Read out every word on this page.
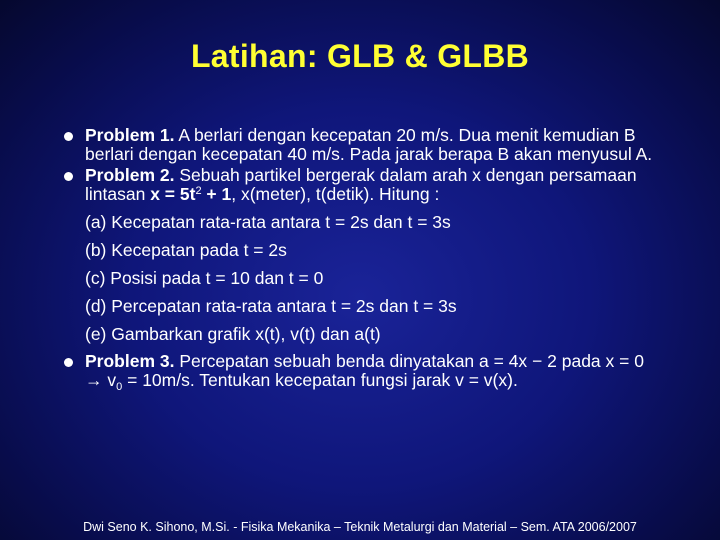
Latihan: GLB & GLBB
Problem 1. A berlari dengan kecepatan 20 m/s. Dua menit kemudian B berlari dengan kecepatan 40 m/s. Pada jarak berapa B akan menyusul A.
Problem 2. Sebuah partikel bergerak dalam arah x dengan persamaan lintasan $x = 5t^2 + 1$, x(meter), t(detik). Hitung :
(a) Kecepatan rata-rata antara t = 2s dan t = 3s
(b) Kecepatan pada t = 2s
(c) Posisi pada t = 10 dan t = 0
(d) Percepatan rata-rata antara t = 2s dan t = 3s
(e) Gambarkan grafik x(t), v(t) dan a(t)
Problem 3. Percepatan sebuah benda dinyatakan a = 4x − 2 pada $x = 0 \to v_0 = 10m/s$. Tentukan kecepatan fungsi jarak v = v(x).
Dwi Seno K. Sihono, M.Si. - Fisika Mekanika – Teknik Metalurgi dan Material – Sem. ATA 2006/2007
